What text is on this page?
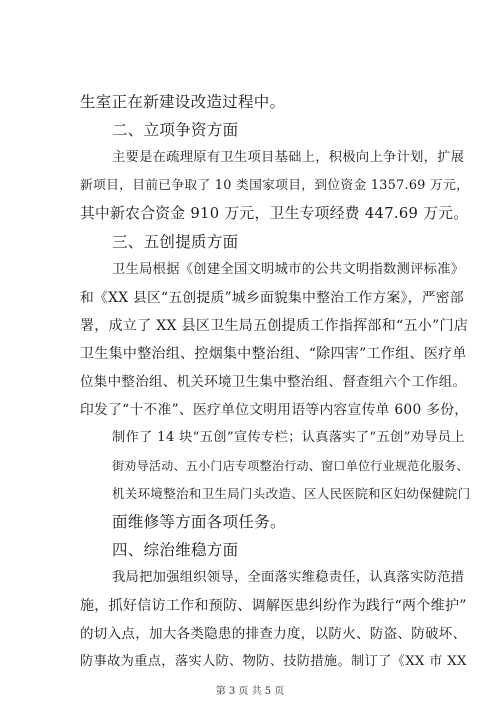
生室正在新建设改造过程中。
二、立项争资方面
主要是在疏理原有卫生项目基础上，积极向上争计划，扩展
新项目，目前已争取了 10 类国家项目，到位资金 1357.69 万元，
其中新农合资金 910 万元，卫生专项经费 447.69 万元。
三、五创提质方面
卫生局根据《创建全国文明城市的公共文明指数测评标准》
和《XX 县区“五创提质”城乡面貌集中整治工作方案》，严密部
署，成立了 XX 县区卫生局五创提质工作指挥部和“五小”门店
卫生集中整治组、控烟集中整治组、“除四害”工作组、医疗单
位集中整治组、机关环境卫生集中整治组、督查组六个工作组。
印发了“十不准”、医疗单位文明用语等内容宣传单 600 多份，
制作了 14 块“五创”宣传专栏；认真落实了“五创”劝导员上
街劝导活动、五小门店专项整治行动、窗口单位行业规范化服务、
机关环境整治和卫生局门头改造、区人民医院和区妇幼保健院门
面维修等方面各项任务。
四、综治维稳方面
我局把加强组织领导，全面落实维稳责任，认真落实防范措
施，抓好信访工作和预防、调解医患纠纷作为践行“两个维护”
的切入点，加大各类隐患的排查力度，以防火、防盗、防破坏、
防事故为重点，落实人防、物防、技防措施。制订了《XX 市 XX
第 3 页 共 5 页
